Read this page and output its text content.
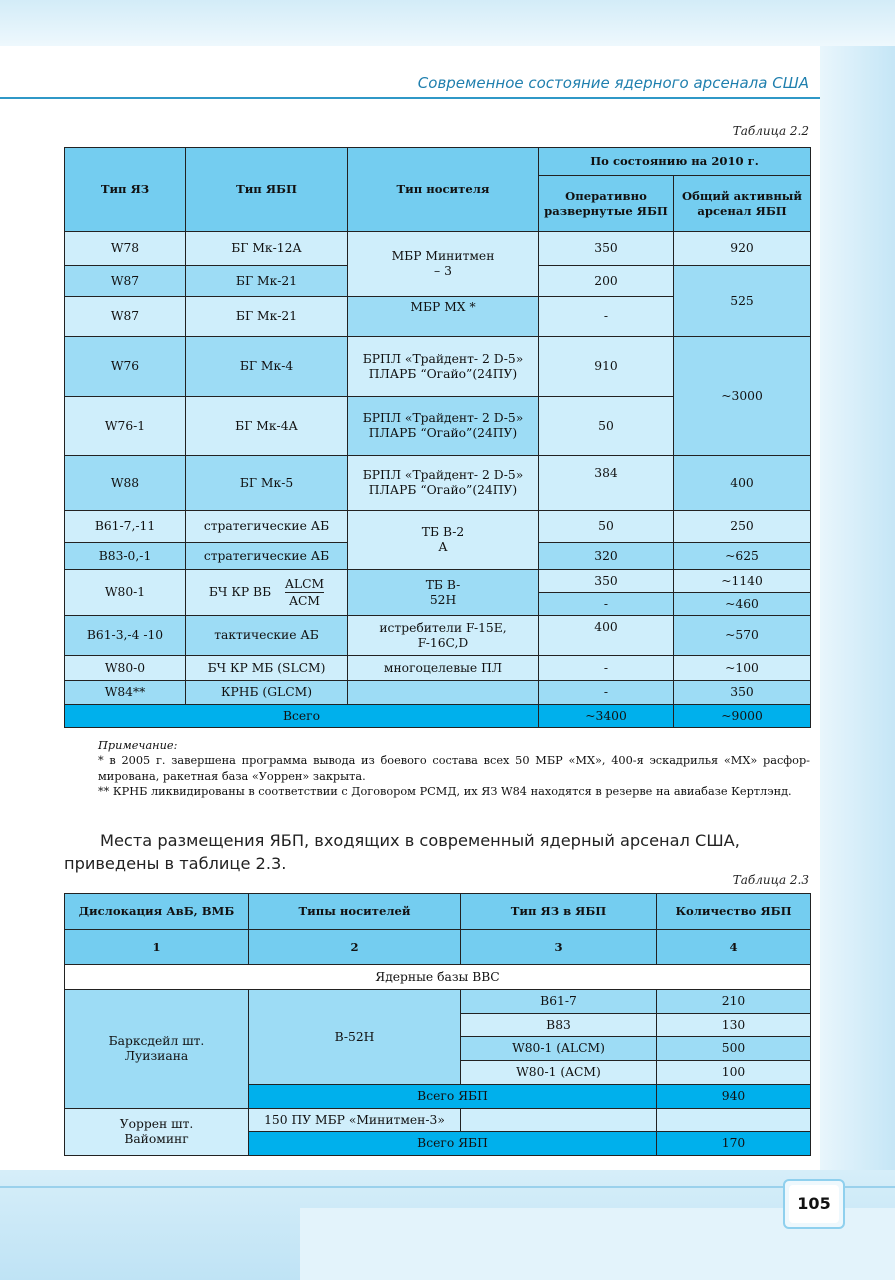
Современное состояние ядерного арсенала США
Таблица 2.2
Тип ЯЗ	Тип ЯБП	Тип носителя	По состоянию на 2010 г.	
			Оперативно развернутые ЯБП	Общий активный арсенал ЯБП
W78	БГ Мк-12А	МБР Минитмен – 3	350	920
W87	БГ Мк-21		200	525
W87	БГ Мк-21	МБР МХ *	-	
W76	БГ Мк-4	БРПЛ «Трайдент- 2 D-5» ПЛАРБ “Огайо”(24ПУ)	910	~3000
W76-1	БГ Мк-4А	БРПЛ «Трайдент- 2 D-5» ПЛАРБ “Огайо”(24ПУ)	50	
W88	БГ Мк-5	БРПЛ «Трайдент- 2 D-5» ПЛАРБ “Огайо”(24ПУ)	384	400
B61-7,-11	стратегические АБ	ТБ B-2 A	50	250
B83-0,-1	стратегические АБ		320	~625
W80-1	БЧ КР ВБ $\frac{\text{ALCM}}{\text{ACM}}$	ТБ B-52H	350	~1140
			-	~460
B61-3,-4 -10	тактические АБ	истребители F-15E, F-16C,D	400	~570
W80-0	БЧ КР МБ (SLCM)	многоцелевые ПЛ	-	~100
W84**	КРНБ (GLCM)		-	350
Всего			~3400	~9000
Примечание:
* в 2005 г. завершена программа вывода из боевого состава всех 50 МБР «МХ», 400-я эскадрилья «МХ» расфор-мирована, ракетная база «Уоррен» закрыта.
** КРНБ ликвидированы в соответствии с Договором РСМД, их ЯЗ W84 находятся в резерве на авиабазе Кертлэнд.
Места размещения ЯБП, входящих в современный ядерный арсенал США, приведены в таблице 2.3.
Таблица 2.3
Дислокация АвБ, ВМБ	Типы носителей	Тип ЯЗ в ЯБП	Количество ЯБП
1	2	3	4
Ядерные базы ВВС			
Барксдейл шт. Луизиана	B-52H	B61-7	210
		B83	130
		W80-1 (ALCM)	500
		W80-1 (ACM)	100
	Всего ЯБП		940
Уоррен шт. Вайоминг	150 ПУ МБР «Минитмен-3»		
	Всего ЯБП		170
105
